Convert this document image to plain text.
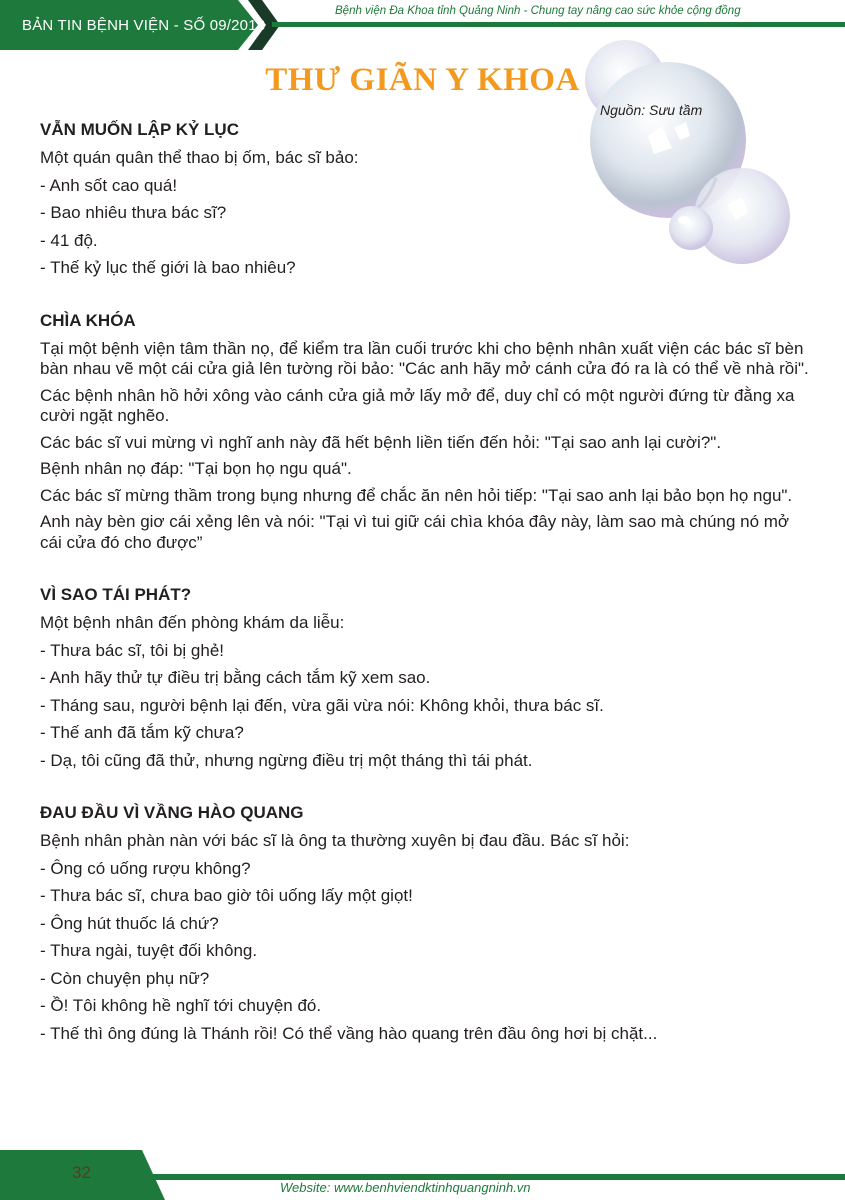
BẢN TIN BỆNH VIỆN - SỐ 09/2018
Bệnh viện Đa Khoa tỉnh Quảng Ninh - Chung tay nâng cao sức khỏe cộng đồng
THƯ GIÃN Y KHOA
Nguồn: Sưu tầm
VẪN MUỐN LẬP KỶ LỤC

Một quán quân thể thao bị ốm, bác sĩ bảo:

- Anh sốt cao quá!

- Bao nhiêu thưa bác sĩ?

- 41 độ.

- Thế kỷ lục thế giới là bao nhiêu?

CHÌA KHÓA

Tại một bệnh viện tâm thần nọ, để kiểm tra lần cuối trước khi cho bệnh nhân xuất viện các bác sĩ bèn bàn nhau vẽ một cái cửa giả lên tường rồi bảo: "Các anh hãy mở cánh cửa đó ra là có thể về nhà rồi".

Các bệnh nhân hồ hởi xông vào cánh cửa giả mở lấy mở để, duy chỉ có một người đứng từ đằng xa cười ngặt nghẽo.

Các bác sĩ vui mừng vì nghĩ anh này đã hết bệnh liền tiến đến hỏi: "Tại sao anh lại cười?".

Bệnh nhân nọ đáp: "Tại bọn họ ngu quá".

Các bác sĩ mừng thầm trong bụng nhưng để chắc ăn nên hỏi tiếp: "Tại sao anh lại bảo bọn họ ngu".

Anh này bèn giơ cái xẻng lên và nói: "Tại vì tui giữ cái chìa khóa đây này, làm sao mà chúng nó mở cái cửa đó cho được”

VÌ SAO TÁI PHÁT?

Một bệnh nhân đến phòng khám da liễu:

- Thưa bác sĩ, tôi bị ghẻ!

- Anh hãy thử tự điều trị bằng cách tắm kỹ xem sao.

- Tháng sau, người bệnh lại đến, vừa gãi vừa nói: Không khỏi, thưa bác sĩ.

- Thế anh đã tắm kỹ chưa?

- Dạ, tôi cũng đã thử, nhưng ngừng điều trị một tháng thì tái phát.

ĐAU ĐẦU VÌ VẦNG HÀO QUANG

Bệnh nhân phàn nàn với bác sĩ là ông ta thường xuyên bị đau đầu. Bác sĩ hỏi:

- Ông có uống rượu không?

- Thưa bác sĩ, chưa bao giờ tôi uống lấy một giọt!

- Ông hút thuốc lá chứ?

- Thưa ngài, tuyệt đối không.

- Còn chuyện phụ nữ?

- Ồ! Tôi không hề nghĩ tới chuyện đó.

- Thế thì ông đúng là Thánh rồi! Có thể vầng hào quang trên đầu ông hơi bị chặt...

32
Website: www.benhviendktinhquangninh.vn
